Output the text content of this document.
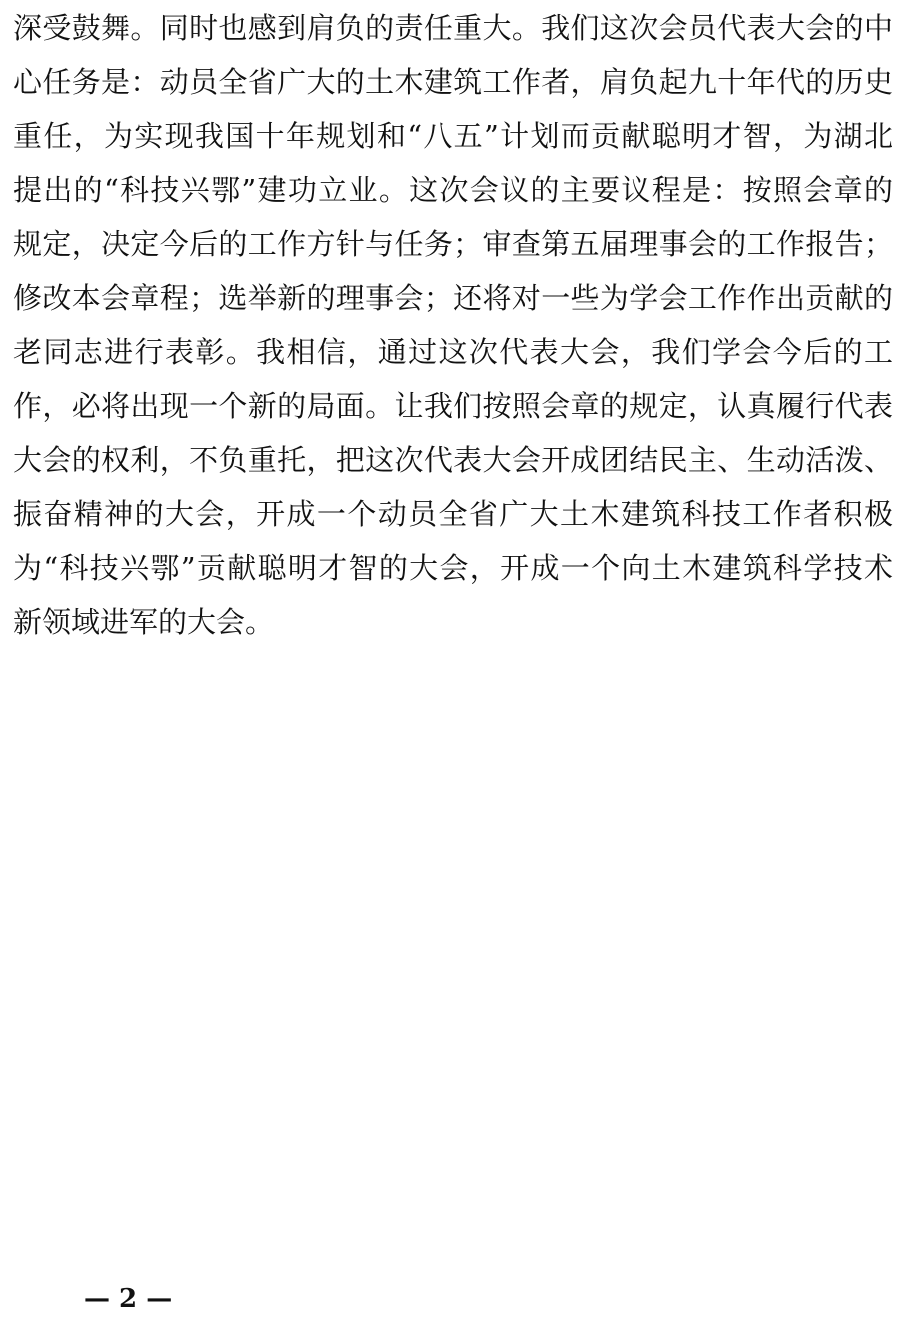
深受鼓舞。同时也感到肩负的责任重大。我们这次会员代表大会的中
心任务是：动员全省广大的土木建筑工作者，肩负起九十年代的历史
重任，为实现我国十年规划和“八五”计划而贡献聪明才智，为湖北
提出的“科技兴鄂”建功立业。这次会议的主要议程是：按照会章的
规定，决定今后的工作方针与任务；审查第五届理事会的工作报告；
修改本会章程；选举新的理事会；还将对一些为学会工作作出贡献的
老同志进行表彰。我相信，通过这次代表大会，我们学会今后的工
作，必将出现一个新的局面。让我们按照会章的规定，认真履行代表
大会的权利，不负重托，把这次代表大会开成团结民主、生动活泼、
振奋精神的大会，开成一个动员全省广大土木建筑科技工作者积极
为“科技兴鄂”贡献聪明才智的大会，开成一个向土木建筑科学技术
新领域进军的大会。
— 2 —
